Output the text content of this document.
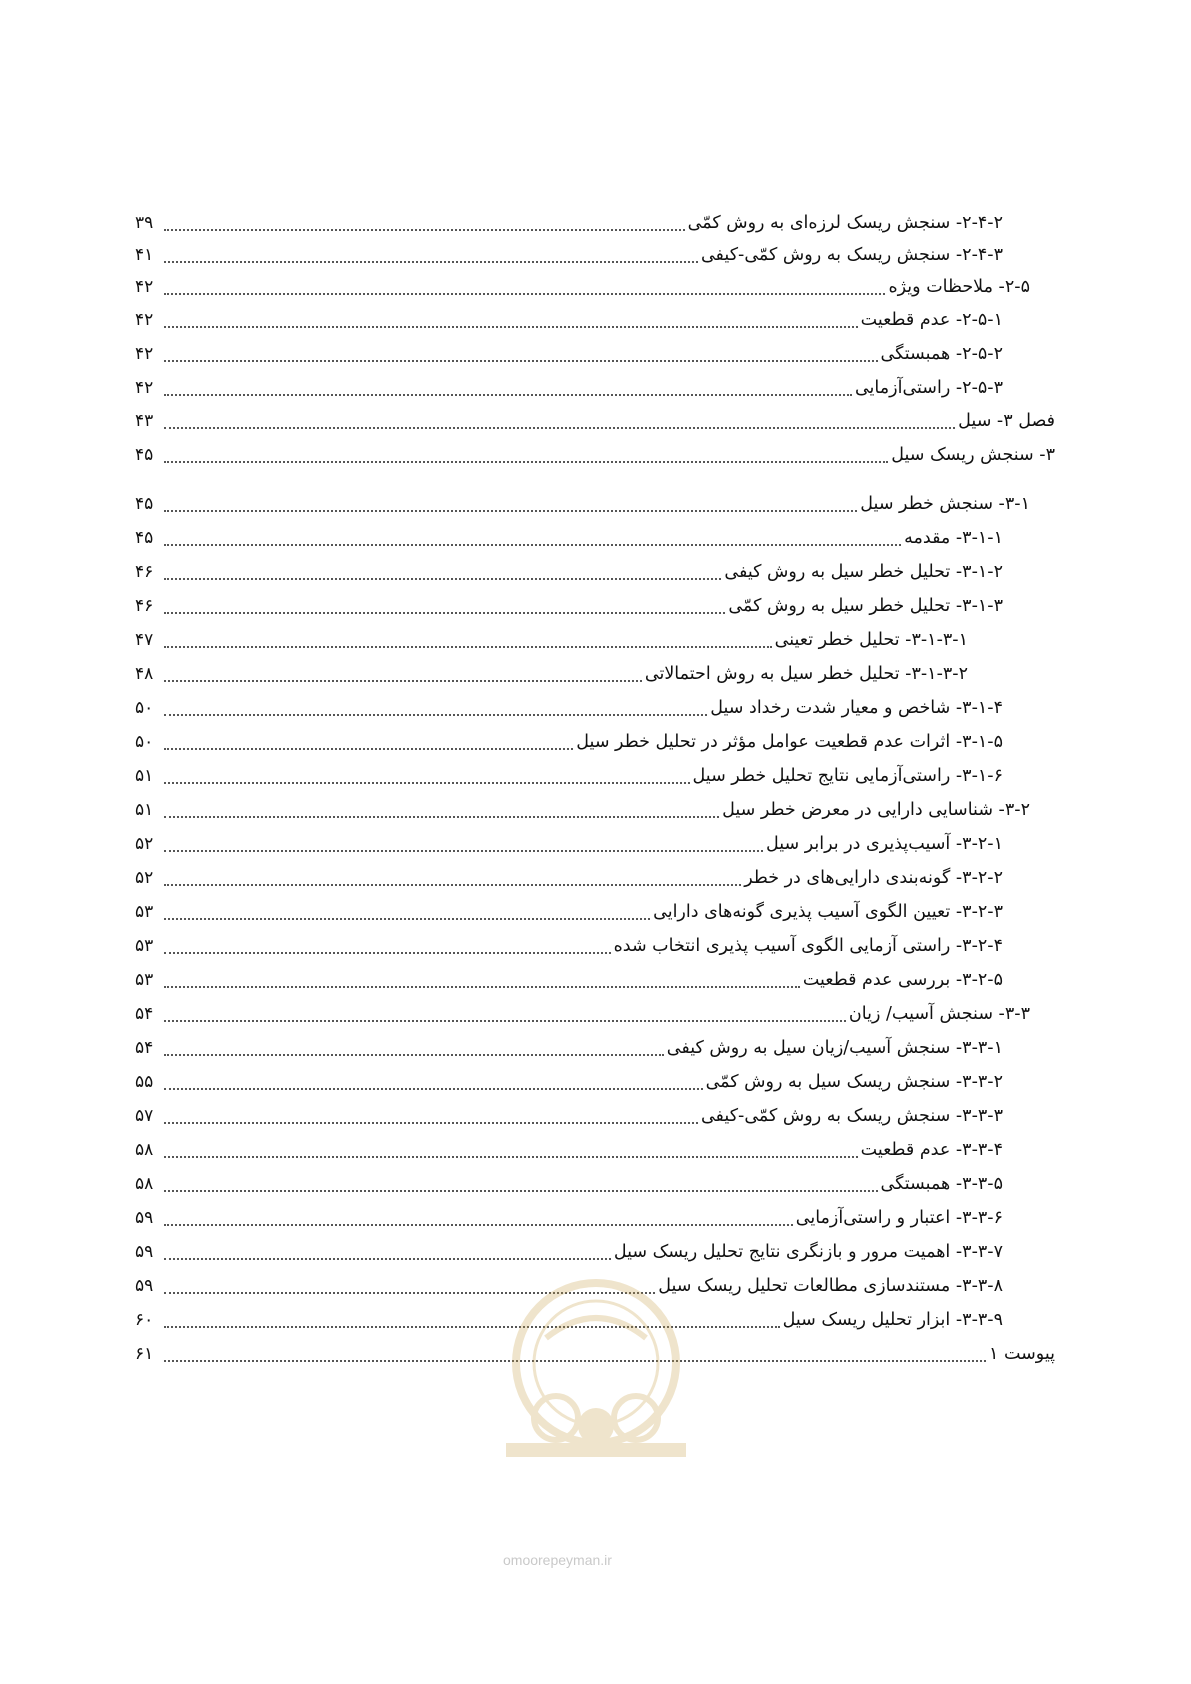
۲-۴-۲- سنجش ریسک لرزه‌ای به روش کمّی
۳۹
۲-۴-۳- سنجش ریسک به روش کمّی-کیفی
۴۱
۲-۵- ملاحظات ویژه
۴۲
۲-۵-۱- عدم قطعیت
۴۲
۲-۵-۲- همبستگی
۴۲
۲-۵-۳- راستی‌آزمایی
۴۲
فصل ۳- سیل
۴۳
۳- سنجش ریسک سیل
۴۵
۳-۱- سنجش خطر سیل
۴۵
۳-۱-۱- مقدمه
۴۵
۳-۱-۲- تحلیل خطر سیل به روش کیفی
۴۶
۳-۱-۳- تحلیل خطر سیل به روش کمّی
۴۶
۳-۱-۳-۱- تحلیل خطر تعینی
۴۷
۳-۱-۳-۲- تحلیل خطر سیل به روش احتمالاتی
۴۸
۳-۱-۴- شاخص و معیار شدت رخداد سیل
۵۰
۳-۱-۵- اثرات عدم قطعیت عوامل مؤثر در تحلیل خطر سیل
۵۰
۳-۱-۶- راستی‌آزمایی نتایج تحلیل خطر سیل
۵۱
۳-۲- شناسایی دارایی در معرض خطر سیل
۵۱
۳-۲-۱- آسیب‌پذیری در برابر سیل
۵۲
۳-۲-۲- گونه‌بندی دارایی‌های در خطر
۵۲
۳-۲-۳- تعیین الگوی آسیب پذیری گونه‌های دارایی
۵۳
۳-۲-۴- راستی آزمایی الگوی آسیب پذیری انتخاب شده
۵۳
۳-۲-۵- بررسی عدم قطعیت
۵۳
۳-۳- سنجش آسیب/ زیان
۵۴
۳-۳-۱- سنجش آسیب/زیان سیل به روش کیفی
۵۴
۳-۳-۲- سنجش ریسک سیل به روش کمّی
۵۵
۳-۳-۳- سنجش ریسک به روش کمّی-کیفی
۵۷
۳-۳-۴- عدم قطعیت
۵۸
۳-۳-۵- همبستگی
۵۸
۳-۳-۶- اعتبار و راستی‌آزمایی
۵۹
۳-۳-۷- اهمیت مرور و بازنگری نتایج تحلیل ریسک سیل
۵۹
۳-۳-۸- مستندسازی مطالعات تحلیل ریسک سیل
۵۹
۳-۳-۹- ابزار تحلیل ریسک سیل
۶۰
پیوست ۱
۶۱
omoorepeyman.ir
